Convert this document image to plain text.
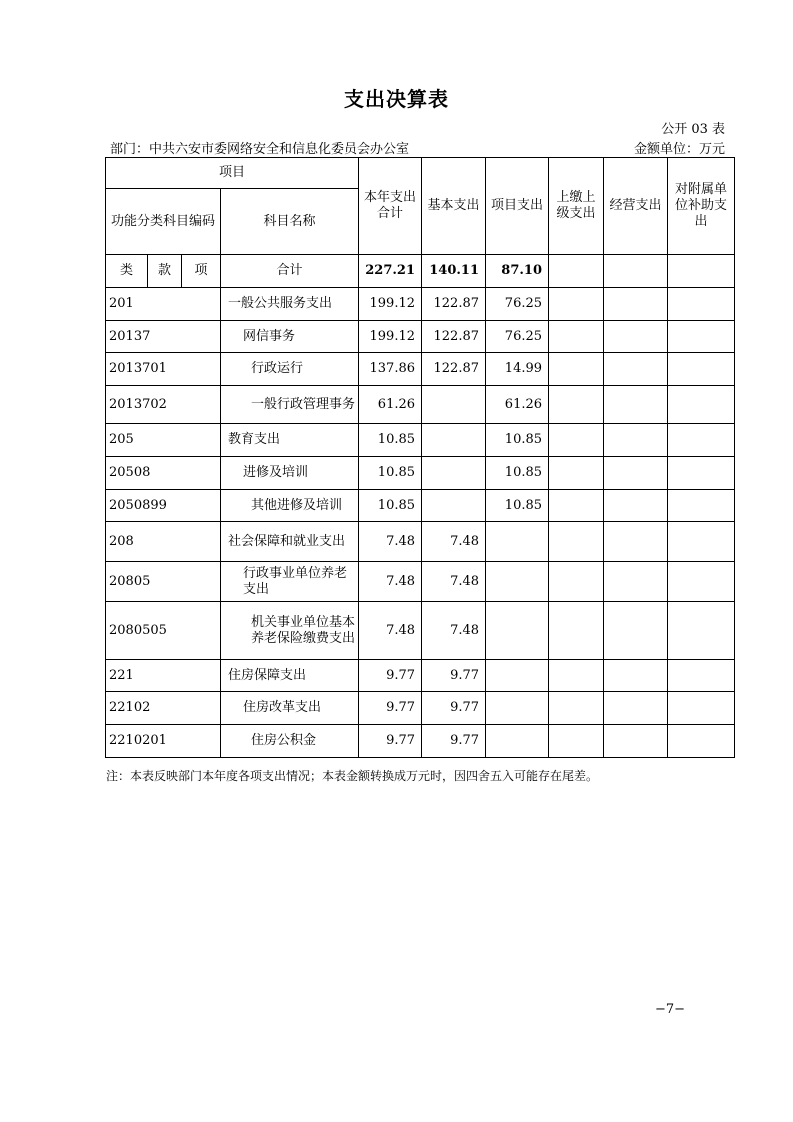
支出决算表
公开 03 表
部门：中共六安市委网络安全和信息化委员会办公室	金额单位：万元
项目				本年支出合计	基本支出	项目支出	上缴上级支出	经营支出	对附属单位补助支出
功能分类科目编码			科目名称						
类	款	项	合计	227.21	140.11	87.10			
201			一般公共服务支出	199.12	122.87	76.25			
20137			网信事务	199.12	122.87	76.25			
2013701			行政运行	137.86	122.87	14.99			
2013702			一般行政管理事务	61.26		61.26			
205			教育支出	10.85		10.85			
20508			进修及培训	10.85		10.85			
2050899			其他进修及培训	10.85		10.85			
208			社会保障和就业支出	7.48	7.48				
20805			行政事业单位养老支出	7.48	7.48				
2080505			机关事业单位基本养老保险缴费支出	7.48	7.48				
221			住房保障支出	9.77	9.77				
22102			住房改革支出	9.77	9.77				
2210201			住房公积金	9.77	9.77				
注：本表反映部门本年度各项支出情况；本表金额转换成万元时，因四舍五入可能存在尾差。
−7−
